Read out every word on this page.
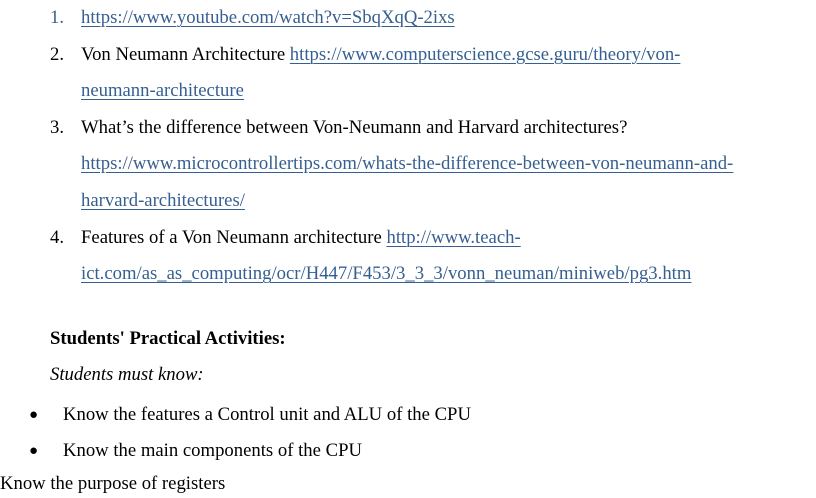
1. https://www.youtube.com/watch?v=SbqXqQ-2ixs
2. Von Neumann Architecture https://www.computerscience.gcse.guru/theory/von-
neumann-architecture
3. What’s the difference between Von-Neumann and Harvard architectures?
https://www.microcontrollertips.com/whats-the-difference-between-von-neumann-and-
harvard-architectures/
4. Features of a Von Neumann architecture http://www.teach-
ict.com/as_as_computing/ocr/H447/F453/3_3_3/vonn_neuman/miniweb/pg3.htm
Students' Practical Activities:
Students must know:
● Know the features a Control unit and ALU of the CPU
● Know the main components of the CPU
Know the purpose of registers
